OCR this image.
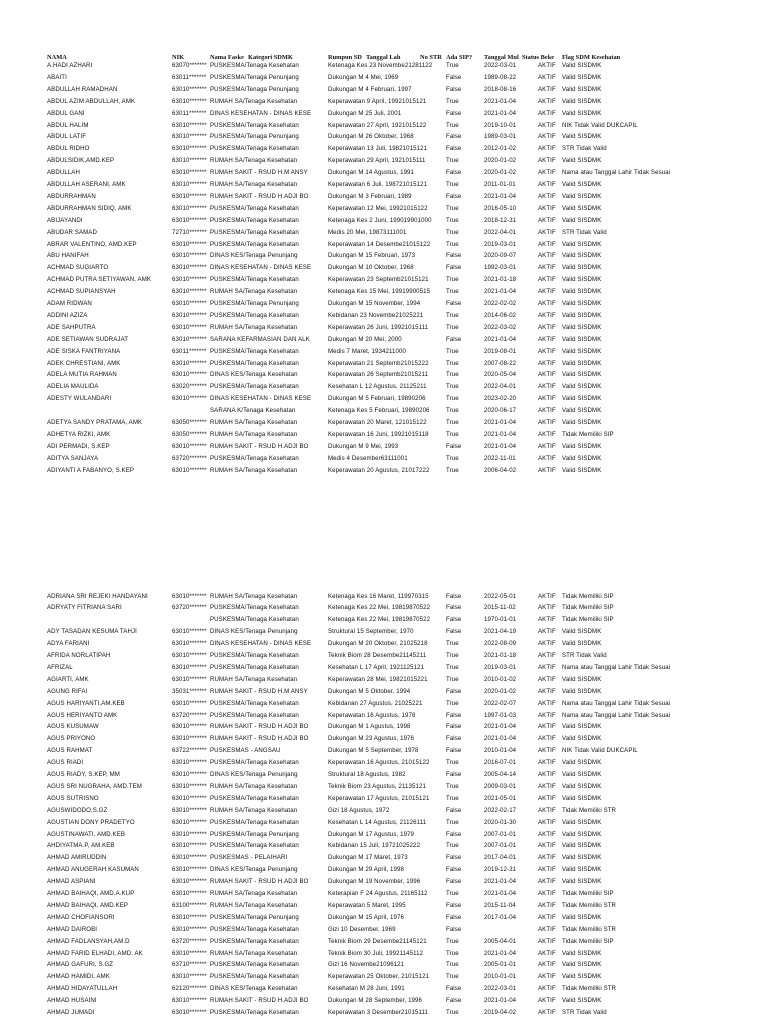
NAMA	NIK	Nama Faske Kategori SDMK	Rumpun SD Tanggal Lah	No STR Ada SIP? Tanggal Mul Status Beke Flag SDM Kesehatan
A.HADI AZHARI	63070******* PUSKESMA/Tenaga Kesehatan	Ketenaga Kes 23 Novembe21281122	True	2022-03-01	AKTIF	Valid SISDMK
ABAITI	63011******* PUSKESMA/Tenaga Penunjang	Dukungan M 4 Mei, 1969	False	1989-08-22	AKTIF	Valid SISDMK
ABDULLAH RAMADHAN	63010******* PUSKESMA/Tenaga Penunjang	Dukungan M 4 Februari, 1997	False	2018-08-16	AKTIF	Valid SISDMK
ABDUL AZIM ABDULLAH, AMK	63010******* RUMAH SA/Tenaga Kesehatan	Keperawatan 9 April, 19921015121	True	2021-01-04	AKTIF	Valid SISDMK
ABDUL GANI	63011******* DINAS KESEHATAN - DINAS KESE	Dukungan M 25 Juli, 2001	False	2021-01-04	AKTIF	Valid SISDMK
ABDUL HALIM	63010******* PUSKESMA/Tenaga Kesehatan	Keperawatan 27 April, 1921015122	True	2019-10-01	AKTIF	NIK Tidak Valid DUKCAPIL
ABDUL LATIF	63010******* PUSKESMA/Tenaga Penunjang	Dukungan M 26 Oktober, 1968	False	1989-03-01	AKTIF	Valid SISDMK
ABDUL RIDHO	63010******* PUSKESMA/Tenaga Kesehatan	Keperawatan 13 Juli, 19821015121	False	2012-01-02	AKTIF	STR Tidak Valid
ABDULSIDIK,AMD.KEP	63010******* RUMAH SA/Tenaga Kesehatan	Keperawatan 29 April, 1921015111	True	2020-01-02	AKTIF	Valid SISDMK
ABDULLAH	63010******* RUMAH SAKIT - RSUD H.M ANSY	Dukungan M 14 Agustus, 1991	False	2020-01-02	AKTIF	Nama atau Tanggal Lahir Tidak Sesuai
ABDULLAH ASERANI, AMK	63010******* RUMAH SA/Tenaga Kesehatan	Keperawatan 6 Juli, 198721015121	True	2011-01-01	AKTIF	Valid SISDMK
ABDURRAHMAN	63010******* RUMAH SAKIT - RSUD H.ADJI BO	Dukungan M 3 Februari, 1989	False	2021-01-04	AKTIF	Valid SISDMK
ABDURRAHMAN SIDIQ, AMK	63010******* PUSKESMA/Tenaga Kesehatan	Keperawatan 12 Mei, 19921015122	True	2016-05-10	AKTIF	Valid SISDMK
ABIJAYANDI	63010******* PUSKESMA/Tenaga Kesehatan	Ketenaga Kes 2 Juni, 199019901000	True	2018-12-31	AKTIF	Valid SISDMK
ABUDAR SAMAD	72710******* PUSKESMA/Tenaga Kesehatan	Medis 20 Mei, 19873111001	True	2022-04-01	AKTIF	STR Tidak Valid
ABRAR VALENTINO, AMD.KEP	63010******* PUSKESMA/Tenaga Kesehatan	Keperawatan 14 Desembe21015122	True	2019-03-01	AKTIF	Valid SISDMK
ABU HANIFAH	63010******* DINAS KES/Tenaga Penunjang	Dukungan M 15 Februari, 1973	False	2020-09-07	AKTIF	Valid SISDMK
ACHMAD SUGIARTO	63010******* DINAS KESEHATAN - DINAS KESE	Dukungan M 10 Oktober, 1968	False	1992-03-01	AKTIF	Valid SISDMK
ACHMAD PUTRA SETIYAWAN, AMK	63010******* PUSKESMA/Tenaga Kesehatan	Keperawatan 23 Septemb21015121	True	2021-01-18	AKTIF	Valid SISDMK
ACHMAD SUPIANSYAH	63010******* RUMAH SA/Tenaga Kesehatan	Ketenaga Kes 15 Mei, 19919900515	True	2021-01-04	AKTIF	Valid SISDMK
ADAM RIDWAN	63010******* PUSKESMA/Tenaga Penunjang	Dukungan M 15 November, 1994	False	2022-02-02	AKTIF	Valid SISDMK
ADDINI AZIZA	63010******* PUSKESMA/Tenaga Kesehatan	Kebidanan 23 Novembe21025221	True	2014-06-02	AKTIF	Valid SISDMK
ADE SAHPUTRA	63010******* RUMAH SA/Tenaga Kesehatan	Keperawatan 26 Juni, 19921015111	True	2022-03-02	AKTIF	Valid SISDMK
ADE SETIAWAN SUDRAJAT	63010******* SARANA KEFARMASIAN DAN ALK	Dukungan M 20 Mei, 2000	False	2021-01-04	AKTIF	Valid SISDMK
ADE SISKA FANTRIYANA	63011******* PUSKESMA/Tenaga Kesehatan	Medis 7 Maret, 1934211000	True	2019-08-01	AKTIF	Valid SISDMK
ADEK CHRESTIANI, AMK	63010******* PUSKESMA/Tenaga Kesehatan	Keperawatan 21 Septemb21015222	True	2007-08-22	AKTIF	Valid SISDMK
ADELA MUTIA RAHMAN	63010******* DINAS KES/Tenaga Kesehatan	Keperawatan 26 Septemb21015211	True	2020-05-04	AKTIF	Valid SISDMK
ADELIA MAULIDA	63020******* PUSKESMA/Tenaga Kesehatan	Kesehatan L 12 Agustus, 21125211	True	2022-04-01	AKTIF	Valid SISDMK
ADESTY WULANDARI	63010******* DINAS KESEHATAN - DINAS KESE	Dukungan M 5 Februari, 19890206	True	2023-02-20	AKTIF	Valid SISDMK
SARANA K/Tenaga Kesehatan	Ketenaga Kes 5 Februari, 19890206	True	2020-06-17	AKTIF	Valid SISDMK
ADETYA SANDY PRATAMA, AMK	63050******* RUMAH SA/Tenaga Kesehatan	Keperawatan 20 Maret, 121015122	True	2021-01-04	AKTIF	Valid SISDMK
ADHETYA RIZKI, AMK	63050******* RUMAH SA/Tenaga Kesehatan	Keperawatan 16 Juni, 19921015118	True	2021-01-04	AKTIF	Tidak Memiliki SIP
ADI PERMADI, S.KEP	63010******* RUMAH SAKIT - RSUD H.ADJI BO	Dukungan M 9 Mei, 1993	False	2021-01-04	AKTIF	Valid SISDMK
ADITYA SANJAYA	63720******* PUSKESMA/Tenaga Kesehatan	Medis 4 Desember63111001	True	2022-11-01	AKTIF	Valid SISDMK
ADIYANTI A FABANYO, S.KEP	63010******* RUMAH SA/Tenaga Kesehatan	Keperawatan 20 Agustus, 21017222	True	2006-04-02	AKTIF	Valid SISDMK
ADRIANA SRI REJEKI HANDAYANI	63010******* RUMAH SA/Tenaga Kesehatan	Ketenaga Kes 16 Maret, 119970315	False	2022-05-01	AKTIF	Tidak Memiliki SIP
ADRYATY FITRIANA SARI	63720******* PUSKESMA/Tenaga Kesehatan	Ketenaga Kes 22 Mei, 19819870522	False	2015-11-02	AKTIF	Tidak Memiliki SIP
PUSKESMA/Tenaga Kesehatan	Ketenaga Kes 22 Mei, 19819870522	False	1970-01-01	AKTIF	Tidak Memiliki SIP
ADY TASADAN KESUMA TAHJI	63010******* DINAS KES/Tenaga Penunjang	Struktural 15 September, 1970	False	2021-04-19	AKTIF	Valid SISDMK
ADYA FARIANI	63010******* DINAS KESEHATAN - DINAS KESE	Dukungan M 20 Oktober, 21025218	True	2022-08-09	AKTIF	Valid SISDMK
AFRIDA NORLATIPAH	63010******* PUSKESMA/Tenaga Kesehatan	Teknik Biom 28 Desembe21145211	True	2021-01-18	AKTIF	STR Tidak Valid
AFRIZAL	63010******* PUSKESMA/Tenaga Kesehatan	Kesehatan L 17 April, 1921125121	True	2019-03-01	AKTIF	Nama atau Tanggal Lahir Tidak Sesuai
AGIARTI, AMK	63010******* RUMAH SA/Tenaga Kesehatan	Keperawatan 28 Mei, 19821015221	True	2010-01-02	AKTIF	Valid SISDMK
AGUNG RIFAI	35031******* RUMAH SAKIT - RSUD H.M ANSY	Dukungan M 5 Oktober, 1994	False	2020-01-02	AKTIF	Valid SISDMK
AGUS HARIYANTI,AM.KEB	63010******* PUSKESMA/Tenaga Kesehatan	Kebidanan 27 Agustus, 21025221	True	2022-02-07	AKTIF	Nama atau Tanggal Lahir Tidak Sesuai
AGUS HERIYANTO AMK	63720******* PUSKESMA/Tenaga Kesehatan	Keperawatan 16 Agustus, 1978	False	1997-01-03	AKTIF	Nama atau Tanggal Lahir Tidak Sesuai
AGUS KUSUMAW	63010******* RUMAH SAKIT - RSUD H.ADJI BO	Dukungan M 1 Agustus, 1998	False	2021-01-04	AKTIF	Valid SISDMK
AGUS PRIYONO	63010******* RUMAH SAKIT - RSUD H.ADJI BO	Dukungan M 23 Agustus, 1976	False	2021-01-04	AKTIF	Valid SISDMK
AGUS RAHMAT	63722******* PUSKESMAS - ANGSAU	Dukungan M 5 September, 1978	False	2010-01-04	AKTIF	NIK Tidak Valid DUKCAPIL
AGUS RIADI	63010******* PUSKESMA/Tenaga Kesehatan	Keperawatan 16 Agustus, 21015122	True	2016-07-01	AKTIF	Valid SISDMK
AGUS RIADY, S.KEP, MM	63010******* DINAS KES/Tenaga Penunjang	Struktural 18 Agustus, 1982	False	2005-04-14	AKTIF	Valid SISDMK
AGUS SRI NUGRAHA, AMD.TEM	63010******* RUMAH SA/Tenaga Kesehatan	Teknik Biom 23 Agustus, 21135121	True	2009-03-01	AKTIF	Valid SISDMK
AGUS SUTRISNO	63010******* PUSKESMA/Tenaga Kesehatan	Keperawatan 17 Agustus, 21015121	True	2021-05-01	AKTIF	Valid SISDMK
AGUSWIDODO,S.GZ	63010******* RUMAH SA/Tenaga Kesehatan	Gizi 18 Agustus, 1972	False	2022-02-17	AKTIF	Tidak Memiliki STR
AGUSTIAN DONY PRADETYO	63010******* PUSKESMA/Tenaga Kesehatan	Kesehatan L 14 Agustus, 21126111	True	2020-01-30	AKTIF	Valid SISDMK
AGUSTINAWATI, AMD.KEB	63010******* PUSKESMA/Tenaga Penunjang	Dukungan M 17 Agustus, 1979	False	2007-01-01	AKTIF	Valid SISDMK
AHDIYATMA.P, AM.KEB	63010******* PUSKESMA/Tenaga Kesehatan	Kebidanan 15 Juli, 19721025222	True	2007-01-01	AKTIF	Valid SISDMK
AHMAD AMIRUDDIN	63010******* PUSKESMAS - PELAIHARI	Dukungan M 17 Maret, 1973	False	2017-04-01	AKTIF	Valid SISDMK
AHMAD ANUGERAH KASUMAN	63010******* DINAS KES/Tenaga Penunjang	Dukungan M 29 April, 1998	False	2019-12-31	AKTIF	Valid SISDMK
AHMAD ASPIANI	63010******* RUMAH SAKIT - RSUD H.ADJI BO	Dukungan M 19 November, 1996	False	2021-01-04	AKTIF	Valid SISDMK
AHMAD BAIHAQI, AMD.A.KUP	63010******* RUMAH SA/Tenaga Kesehatan	Keterapian F 24 Agustus, 21165112	True	2021-01-04	AKTIF	Tidak Memiliki SIP
AHMAD BAIHAQI, AMD.KEP	63100******* RUMAH SA/Tenaga Kesehatan	Keperawatan 5 Maret, 1995	False	2015-11-04	AKTIF	Tidak Memiliki STR
AHMAD CHOFIANSORI	63010******* PUSKESMA/Tenaga Penunjang	Dukungan M 15 April, 1976	False	2017-01-04	AKTIF	Valid SISDMK
AHMAD DAIROBI	63010******* PUSKESMA/Tenaga Kesehatan	Gizi 10 Desember, 1969	False	AKTIF	Tidak Memiliki STR
AHMAD FADLANSYAH,AM.D	63720******* PUSKESMA/Tenaga Kesehatan	Teknik Biom 29 Desembe21145121	True	2005-04-01	AKTIF	Tidak Memiliki SIP
AHMAD FARID ELHADI, AMD. AK	63010******* RUMAH SA/Tenaga Kesehatan	Teknik Biom 30 Juli, 19921145112	True	2021-01-04	AKTIF	Valid SISDMK
AHMAD GAFURI, S.GZ	63710******* PUSKESMA/Tenaga Kesehatan	Gizi 16 Novembe21096121	True	2005-01-01	AKTIF	Valid SISDMK
AHMAD HAMIDI, AMK	63010******* PUSKESMA/Tenaga Kesehatan	Keperawatan 25 Oktober, 21015121	True	2010-01-01	AKTIF	Valid SISDMK
AHMAD HIDAYATULLAH	62120******* DINAS KES/Tenaga Kesehatan	Kesehatan M 28 Juni, 1991	False	2022-03-01	AKTIF	Tidak Memiliki STR
AHMAD HUSAINI	63010******* RUMAH SAKIT - RSUD H.ADJI BO	Dukungan M 28 September, 1996	False	2021-01-04	AKTIF	Valid SISDMK
AHMAD JUMADI	63010******* PUSKESMA/Tenaga Kesehatan	Keperawatan 3 Desember21015111	True	2019-04-02	AKTIF	STR Tidak Valid
